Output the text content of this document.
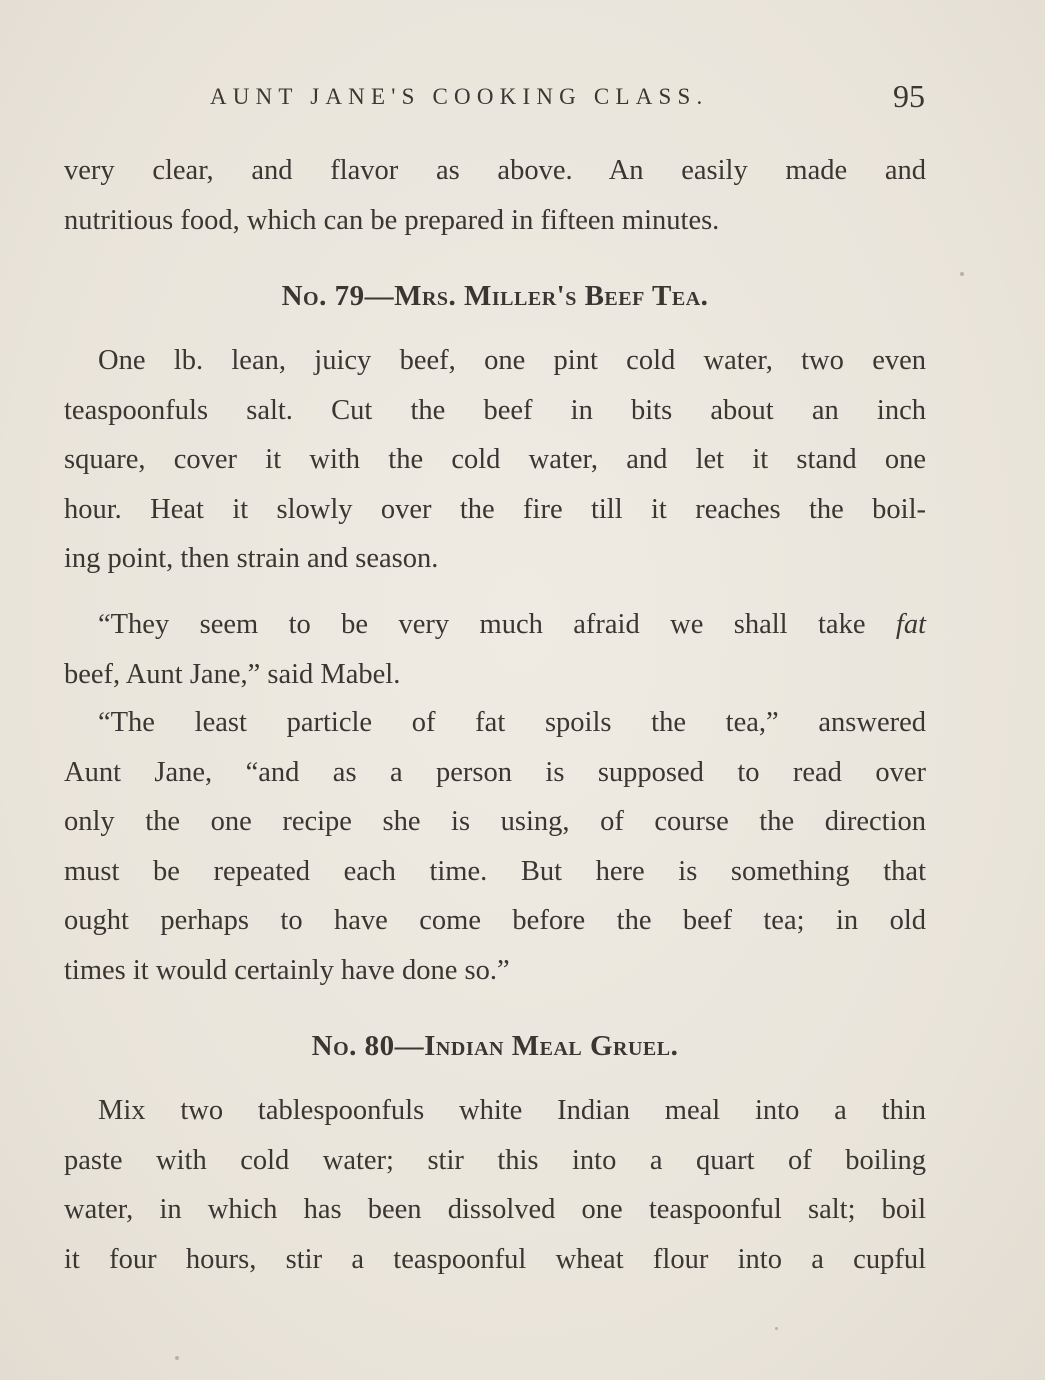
AUNT JANE'S COOKING CLASS.	95
very clear, and flavor as above. An easily made and
nutritious food, which can be prepared in fifteen minutes.
No. 79—Mrs. Miller's Beef Tea.
One lb. lean, juicy beef, one pint cold water, two even
teaspoonfuls salt. Cut the beef in bits about an inch
square, cover it with the cold water, and let it stand one
hour. Heat it slowly over the fire till it reaches the boil-
ing point, then strain and season.
“They seem to be very much afraid we shall take fat
beef, Aunt Jane,” said Mabel.
“The least particle of fat spoils the tea,” answered
Aunt Jane, “and as a person is supposed to read over
only the one recipe she is using, of course the direction
must be repeated each time. But here is something that
ought perhaps to have come before the beef tea; in old
times it would certainly have done so.”
No. 80—Indian Meal Gruel.
Mix two tablespoonfuls white Indian meal into a thin
paste with cold water; stir this into a quart of boiling
water, in which has been dissolved one teaspoonful salt; boil
it four hours, stir a teaspoonful wheat flour into a cupful
